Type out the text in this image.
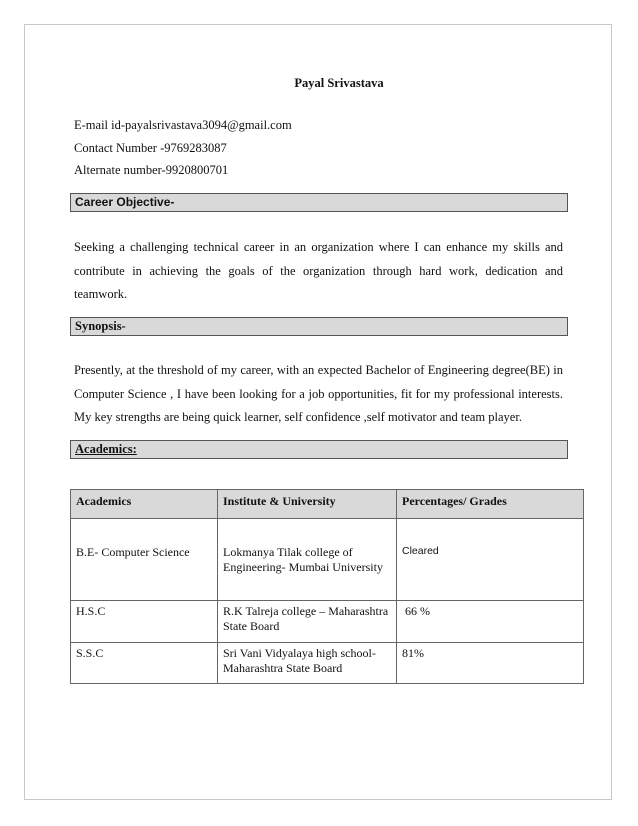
Payal Srivastava
E-mail id-payalsrivastava3094@gmail.com
Contact Number -9769283087
Alternate number-9920800701
Career Objective-
Seeking a challenging technical career in an organization where I can enhance my skills and
contribute in achieving the goals of the organization through hard work, dedication and
teamwork.
Synopsis-
Presently, at the threshold of my career, with an expected Bachelor of Engineering degree(BE) in
Computer Science , I have been looking for a job opportunities, fit for my professional interests.
My key strengths are being quick learner, self confidence ,self motivator and team player.
Academics:
Academics	Institute & University	Percentages/ Grades
B.E- Computer Science	Lokmanya Tilak college of Engineering- Mumbai University	Cleared
H.S.C	R.K Talreja college – Maharashtra State Board	66 %
S.S.C	Sri Vani Vidyalaya high school- Maharashtra State Board	81%
